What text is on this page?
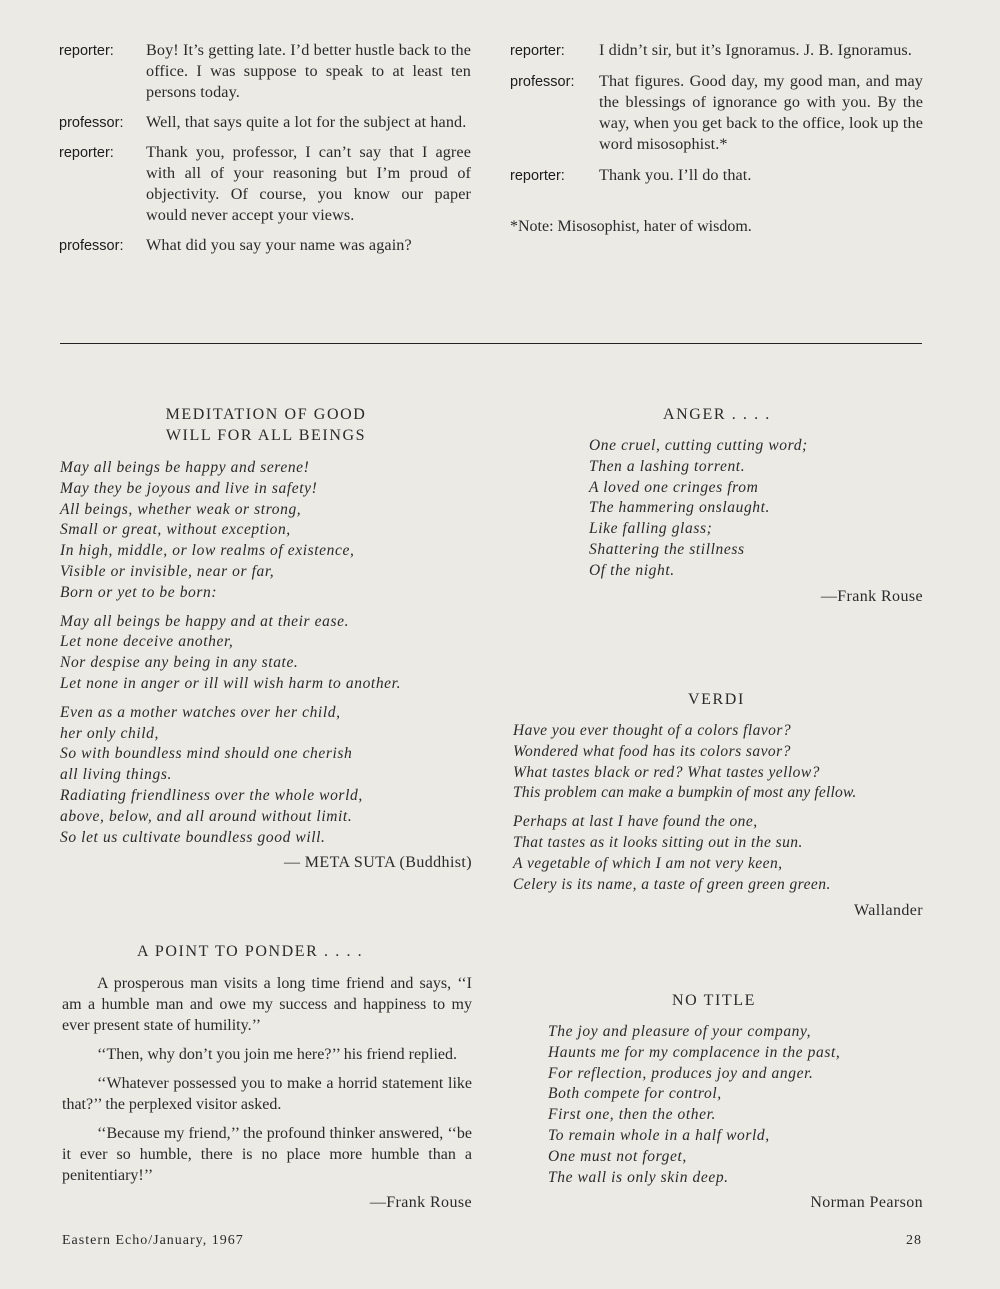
reporter:	Boy! It’s getting late. I’d better hustle back to the office. I was suppose to speak to at least ten persons today.
professor:	Well, that says quite a lot for the subject at hand.
reporter:	Thank you, professor, I can’t say that I agree with all of your reasoning but I’m proud of objectivity. Of course, you know our paper would never accept your views.
professor:	What did you say your name was again?
reporter:	I didn’t sir, but it’s Ignoramus. J. B. Ignoramus.
professor:	That figures. Good day, my good man, and may the blessings of ignorance go with you. By the way, when you get back to the office, look up the word misosophist.*
reporter:	Thank you. I’ll do that.
*Note: Misosophist, hater of wisdom.
MEDITATION OF GOOD
WILL FOR ALL BEINGS
May all beings be happy and serene!
May they be joyous and live in safety!
All beings, whether weak or strong,
Small or great, without exception,
In high, middle, or low realms of existence,
Visible or invisible, near or far,
Born or yet to be born:
May all beings be happy and at their ease.
Let none deceive another,
Nor despise any being in any state.
Let none in anger or ill will wish harm to another.
Even as a mother watches over her child,
her only child,
So with boundless mind should one cherish
all living things.
Radiating friendliness over the whole world,
above, below, and all around without limit.
So let us cultivate boundless good will.
— META SUTA (Buddhist)
A POINT TO PONDER . . . .

A prosperous man visits a long time friend and says, ‘‘I am a humble man and owe my success and happiness to my ever present state of humility.’’

‘‘Then, why don’t you join me here?’’ his friend replied.

‘‘Whatever possessed you to make a horrid statement like that?’’ the perplexed visitor asked.

‘‘Because my friend,’’ the profound thinker answered, ‘‘be it ever so humble, there is no place more humble than a penitentiary!’’

—Frank Rouse
ANGER . . . .
One cruel, cutting cutting word;
Then a lashing torrent.
A loved one cringes from
The hammering onslaught.
Like falling glass;
Shattering the stillness
Of the night.
—Frank Rouse
VERDI
Have you ever thought of a colors flavor?
Wondered what food has its colors savor?
What tastes black or red? What tastes yellow?
This problem can make a bumpkin of most any fellow.
Perhaps at last I have found the one,
That tastes as it looks sitting out in the sun.
A vegetable of which I am not very keen,
Celery is its name, a taste of green green green.
Wallander
NO TITLE
The joy and pleasure of your company,
Haunts me for my complacence in the past,
For reflection, produces joy and anger.
Both compete for control,
First one, then the other.
To remain whole in a half world,
One must not forget,
The wall is only skin deep.
Norman Pearson
Eastern Echo/January, 1967	28
